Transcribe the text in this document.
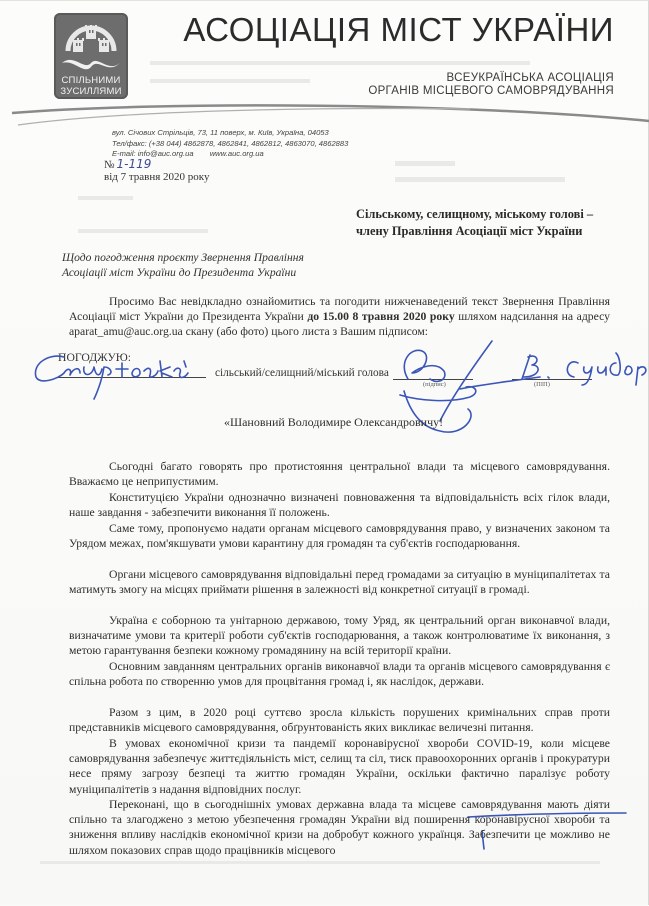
СПІЛЬНИМИ
ЗУСИЛЛЯМИ
АСОЦІАЦІЯ МІСТ УКРАЇНИ
ВСЕУКРАЇНСЬКА АСОЦІАЦІЯ
ОРГАНІВ МІСЦЕВОГО САМОВРЯДУВАННЯ
вул. Січових Стрільців, 73, 11 поверх, м. Київ, Україна, 04053
Тел/факс: (+38 044) 4862878, 4862841, 4862812, 4863070, 4862883
E-mail: info@auc.org.ua www.auc.org.ua
№ 1-119
від 7 травня 2020 року
Сільському, селищному, міському голові –
члену Правління Асоціації міст України
Щодо погодження проєкту Звернення Правління
Асоціації міст України до Президента України
Просимо Вас невідкладно ознайомитись та погодити нижченаведений текст Звернення Правління Асоціації міст України до Президента України до 15.00 8 травня 2020 року шляхом надсилання на адресу aparat_amu@auc.org.ua скану (або фото) цього листа з Вашим підписом:
ПОГОДЖУЮ:
сільський/селищний/міський голова
(підпис)	(ПІП)
«Шановний Володимире Олександровичу!
Сьогодні багато говорять про протистояння центральної влади та місцевого самоврядування. Вважаємо це неприпустимим.
Конституцією України однозначно визначені повноваження та відповідальність всіх гілок влади, наше завдання - забезпечити виконання її положень.
Саме тому, пропонуємо надати органам місцевого самоврядування право, у визначених законом та Урядом межах, пом'якшувати умови карантину для громадян та суб'єктів господарювання.
Органи місцевого самоврядування відповідальні перед громадами за ситуацію в муніципалітетах та матимуть змогу на місцях приймати рішення в залежності від конкретної ситуації в громаді.
Україна є соборною та унітарною державою, тому Уряд, як центральний орган виконавчої влади, визначатиме умови та критерії роботи суб'єктів господарювання, а також контролюватиме їх виконання, з метою гарантування безпеки кожному громадянину на всій території країни.
Основним завданням центральних органів виконавчої влади та органів місцевого самоврядування є спільна робота по створенню умов для процвітання громад і, як наслідок, держави.
Разом з цим, в 2020 році суттєво зросла кількість порушених кримінальних справ проти представників місцевого самоврядування, обґрунтованість яких викликає величезні питання.
В умовах економічної кризи та пандемії коронавірусної хвороби COVID-19, коли місцеве самоврядування забезпечує життєдіяльність міст, селищ та сіл, тиск правоохоронних органів і прокуратури несе пряму загрозу безпеці та життю громадян України, оскільки фактично паралізує роботу муніципалітетів з надання відповідних послуг.
Переконані, що в сьогоднішніх умовах державна влада та місцеве самоврядування мають діяти спільно та злагоджено з метою убезпечення громадян України від поширення коронавірусної хвороби та зниження впливу наслідків економічної кризи на добробут кожного українця. Забезпечити це можливо не шляхом показових справ щодо працівників місцевого
